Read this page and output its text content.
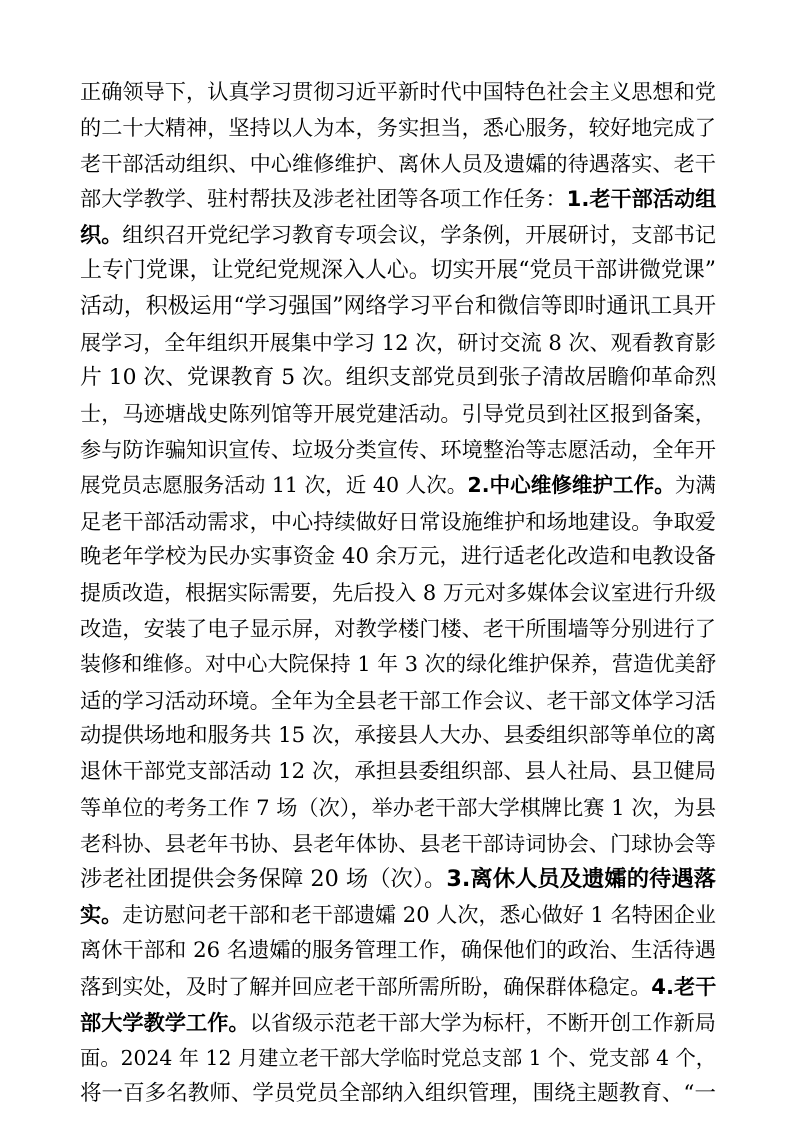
正确领导下，认真学习贯彻习近平新时代中国特色社会主义思想和党
的二十大精神，坚持以人为本，务实担当，悉心服务，较好地完成了
老干部活动组织、中心维修维护、离休人员及遗孀的待遇落实、老干
部大学教学、驻村帮扶及涉老社团等各项工作任务：1.老干部活动组
织。组织召开党纪学习教育专项会议，学条例，开展研讨，支部书记
上专门党课，让党纪党规深入人心。切实开展“党员干部讲微党课”
活动，积极运用“学习强国”网络学习平台和微信等即时通讯工具开
展学习，全年组织开展集中学习 12 次，研讨交流 8 次、观看教育影
片 10 次、党课教育 5 次。组织支部党员到张子清故居瞻仰革命烈
士，马迹塘战史陈列馆等开展党建活动。引导党员到社区报到备案，
参与防诈骗知识宣传、垃圾分类宣传、环境整治等志愿活动，全年开
展党员志愿服务活动 11 次，近 40 人次。2.中心维修维护工作。为满
足老干部活动需求，中心持续做好日常设施维护和场地建设。争取爱
晚老年学校为民办实事资金 40 余万元，进行适老化改造和电教设备
提质改造，根据实际需要，先后投入 8 万元对多媒体会议室进行升级
改造，安装了电子显示屏，对教学楼门楼、老干所围墙等分别进行了
装修和维修。对中心大院保持 1 年 3 次的绿化维护保养，营造优美舒
适的学习活动环境。全年为全县老干部工作会议、老干部文体学习活
动提供场地和服务共 15 次，承接县人大办、县委组织部等单位的离
退休干部党支部活动 12 次，承担县委组织部、县人社局、县卫健局
等单位的考务工作 7 场（次），举办老干部大学棋牌比赛 1 次，为县
老科协、县老年书协、县老年体协、县老干部诗词协会、门球协会等
涉老社团提供会务保障 20 场（次）。3.离休人员及遗孀的待遇落
实。走访慰问老干部和老干部遗孀 20 人次，悉心做好 1 名特困企业
离休干部和 26 名遗孀的服务管理工作，确保他们的政治、生活待遇
落到实处，及时了解并回应老干部所需所盼，确保群体稳定。4.老干
部大学教学工作。以省级示范老干部大学为标杆，不断开创工作新局
面。2024 年 12 月建立老干部大学临时党总支部 1 个、党支部 4 个，
将一百多名教师、学员党员全部纳入组织管理，围绕主题教育、“一
